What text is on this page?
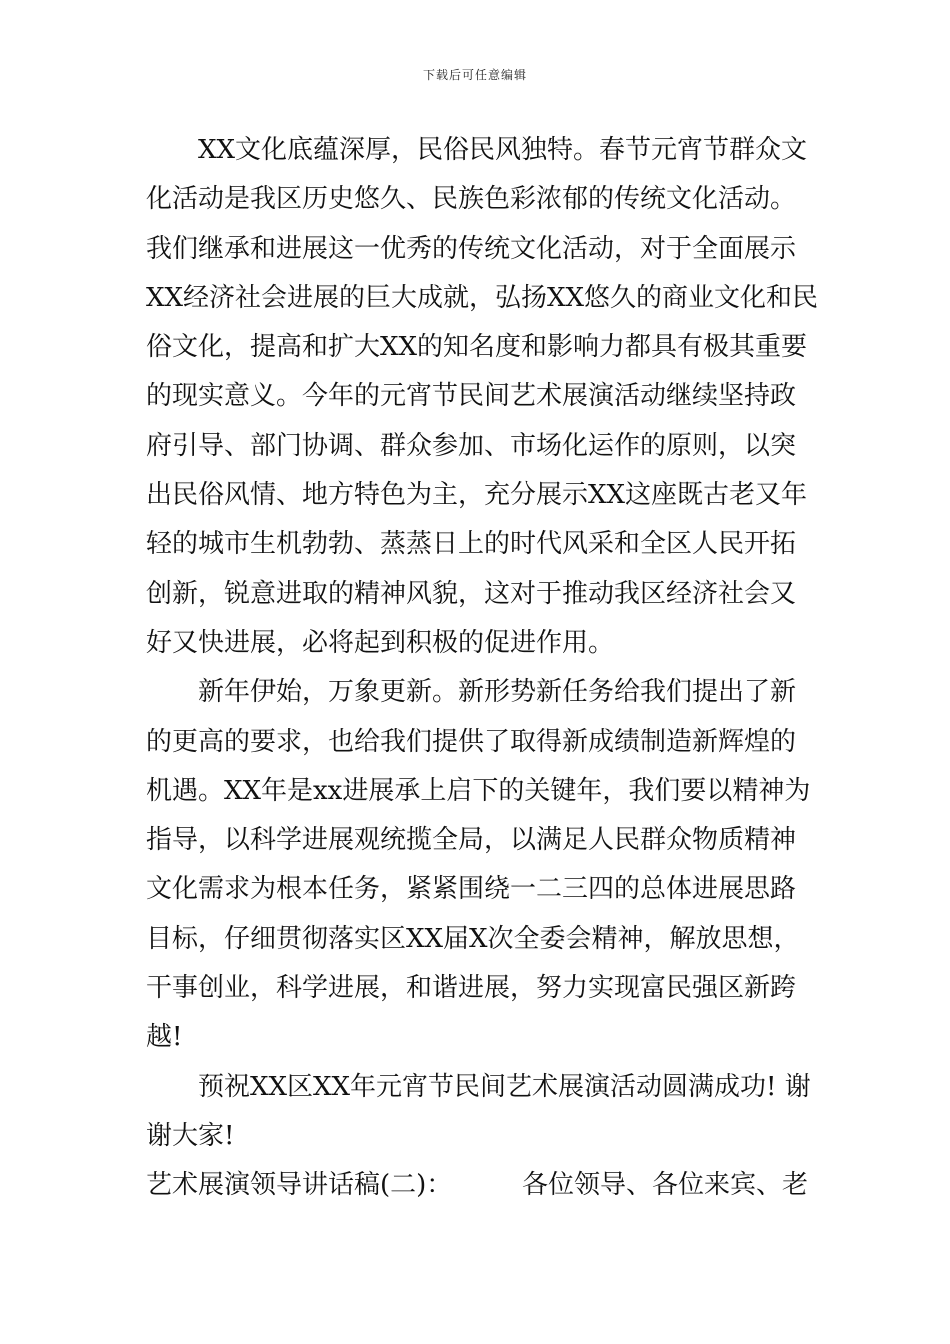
下载后可任意编辑
XX文化底蕴深厚，民俗民风独特。春节元宵节群众文
化活动是我区历史悠久、民族色彩浓郁的传统文化活动。
我们继承和进展这一优秀的传统文化活动，对于全面展示
XX经济社会进展的巨大成就，弘扬XX悠久的商业文化和民
俗文化，提高和扩大XX的知名度和影响力都具有极其重要
的现实意义。今年的元宵节民间艺术展演活动继续坚持政
府引导、部门协调、群众参加、市场化运作的原则，以突
出民俗风情、地方特色为主，充分展示XX这座既古老又年
轻的城市生机勃勃、蒸蒸日上的时代风采和全区人民开拓
创新，锐意进取的精神风貌，这对于推动我区经济社会又
好又快进展，必将起到积极的促进作用。
新年伊始，万象更新。新形势新任务给我们提出了新
的更高的要求，也给我们提供了取得新成绩制造新辉煌的
机遇。XX年是xx进展承上启下的关键年，我们要以精神为
指导，以科学进展观统揽全局，以满足人民群众物质精神
文化需求为根本任务，紧紧围绕一二三四的总体进展思路
目标，仔细贯彻落实区XX届X次全委会精神，解放思想，
干事创业，科学进展，和谐进展，努力实现富民强区新跨
越!
预祝XX区XX年元宵节民间艺术展演活动圆满成功! 谢
谢大家!
艺术展演领导讲话稿(二)：	各位领导、各位来宾、老
